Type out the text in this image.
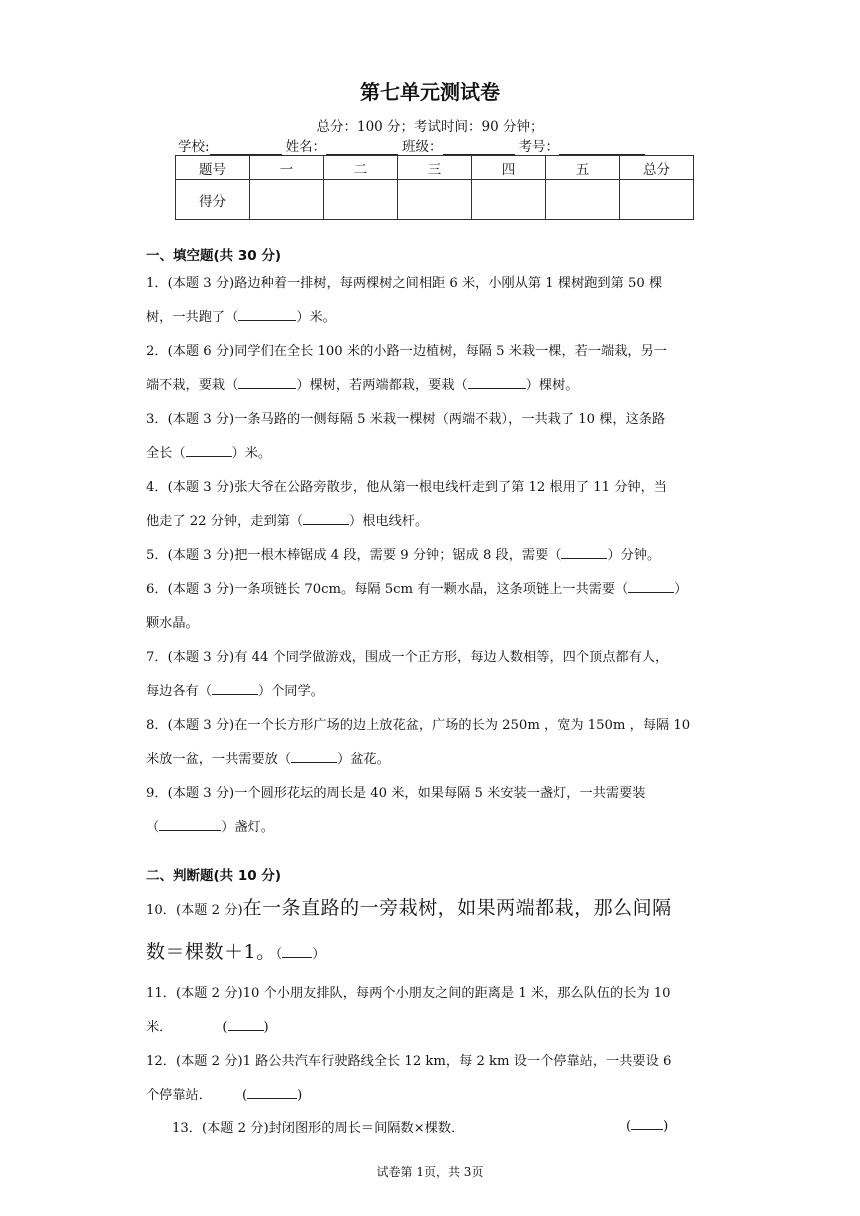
第七单元测试卷
总分：100 分；考试时间：90 分钟；
学校:	姓名：	班级：	考号：
题号	一	二	三	四	五	总分
得分						
一、填空题(共 30 分)
1．(本题 3 分)路边种着一排树，每两棵树之间相距 6 米，小刚从第 1 棵树跑到第 50 棵
树，一共跑了（	）米。
2．(本题 6 分)同学们在全长 100 米的小路一边植树，每隔 5 米栽一棵，若一端栽，另一
端不栽，要栽（	）棵树，若两端都栽，要栽（	）棵树。
3．(本题 3 分)一条马路的一侧每隔 5 米栽一棵树（两端不栽），一共栽了 10 棵，这条路
全长（	）米。
4．(本题 3 分)张大爷在公路旁散步，他从第一根电线杆走到了第 12 根用了 11 分钟，当
他走了 22 分钟，走到第（	）根电线杆。
5．(本题 3 分)把一根木棒锯成 4 段，需要 9 分钟；锯成 8 段，需要（	）分钟。
6．(本题 3 分)一条项链长 70cm。每隔 5cm 有一颗水晶，这条项链上一共需要（	）
颗水晶。
7．(本题 3 分)有 44 个同学做游戏，围成一个正方形，每边人数相等，四个顶点都有人，
每边各有（	）个同学。
8．(本题 3 分)在一个长方形广场的边上放花盆，广场的长为 250m ，宽为 150m ，每隔 10
米放一盆，一共需要放（	）盆花。
9．(本题 3 分)一个圆形花坛的周长是 40 米，如果每隔 5 米安装一盏灯，一共需要装
（	）盏灯。
二、判断题(共 10 分)
10．(本题 2 分)在一条直路的一旁栽树，如果两端都栽，那么间隔
数＝棵数＋1。（ ）
11．(本题 2 分)10 个小朋友排队，每两个小朋友之间的距离是 1 米，那么队伍的长为 10
米．	(	)
12．(本题 2 分)1 路公共汽车行驶路线全长 12 km，每 2 km 设一个停靠站，一共要设 6
个停靠站． (	)
13．(本题 2 分)封闭图形的周长＝间隔数×棵数．	( )
试卷第 1页，共 3页
